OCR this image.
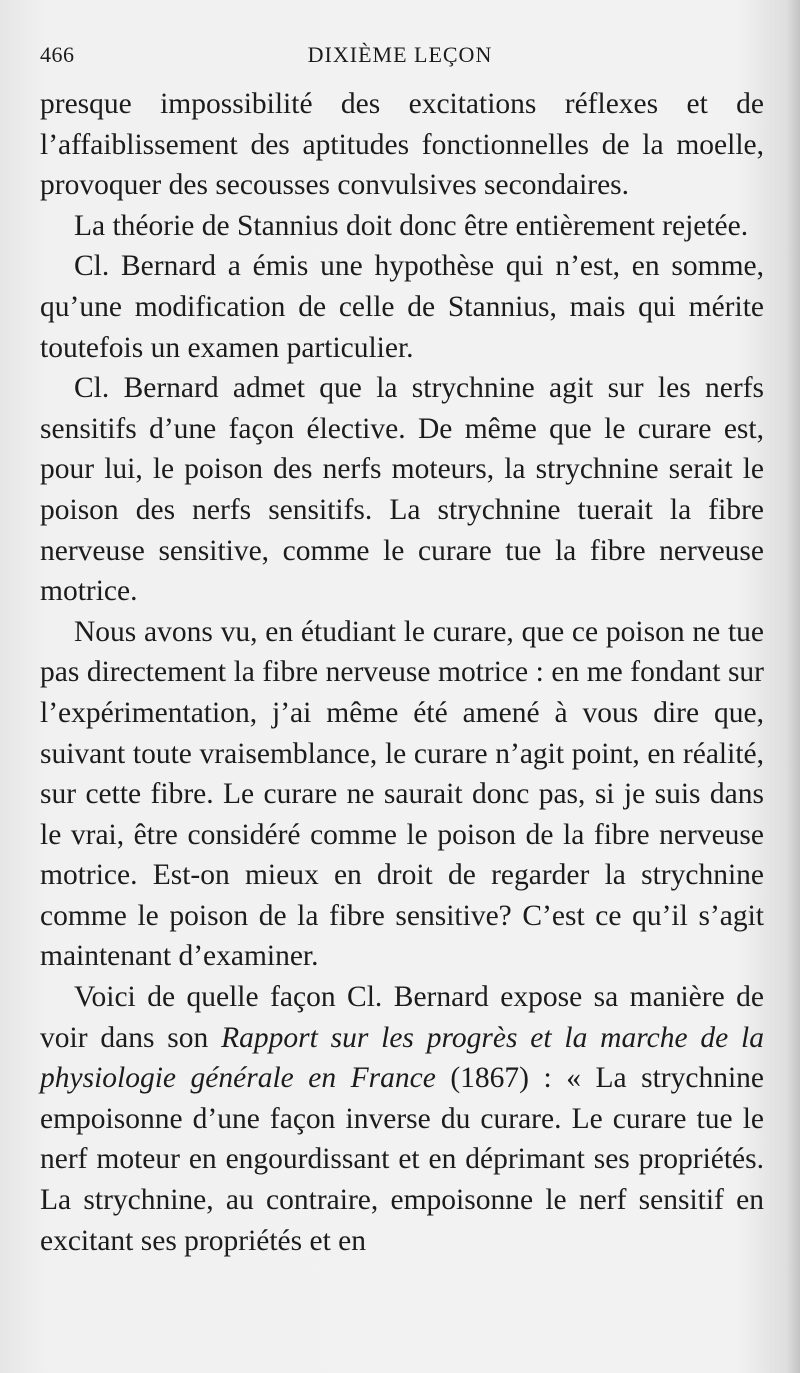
466	DIXIÈME LEÇON

presque impossibilité des excitations réflexes et de l’affaiblissement des aptitudes fonctionnelles de la moelle, provoquer des secousses convulsives secondaires.

La théorie de Stannius doit donc être entièrement rejetée.

Cl. Bernard a émis une hypothèse qui n’est, en somme, qu’une modification de celle de Stannius, mais qui mérite toutefois un examen particulier.

Cl. Bernard admet que la strychnine agit sur les nerfs sensitifs d’une façon élective. De même que le curare est, pour lui, le poison des nerfs moteurs, la strychnine serait le poison des nerfs sensitifs. La strychnine tuerait la fibre nerveuse sensitive, comme le curare tue la fibre nerveuse motrice.

Nous avons vu, en étudiant le curare, que ce poison ne tue pas directement la fibre nerveuse motrice : en me fondant sur l’expérimentation, j’ai même été amené à vous dire que, suivant toute vraisemblance, le curare n’agit point, en réalité, sur cette fibre. Le curare ne saurait donc pas, si je suis dans le vrai, être considéré comme le poison de la fibre nerveuse motrice. Est-on mieux en droit de regarder la strychnine comme le poison de la fibre sensitive? C’est ce qu’il s’agit maintenant d’examiner.

Voici de quelle façon Cl. Bernard expose sa manière de voir dans son Rapport sur les progrès et la marche de la physiologie générale en France (1867) : « La strychnine empoisonne d’une façon inverse du curare. Le curare tue le nerf moteur en engourdissant et en déprimant ses propriétés. La strychnine, au contraire, empoisonne le nerf sensitif en excitant ses propriétés et en
